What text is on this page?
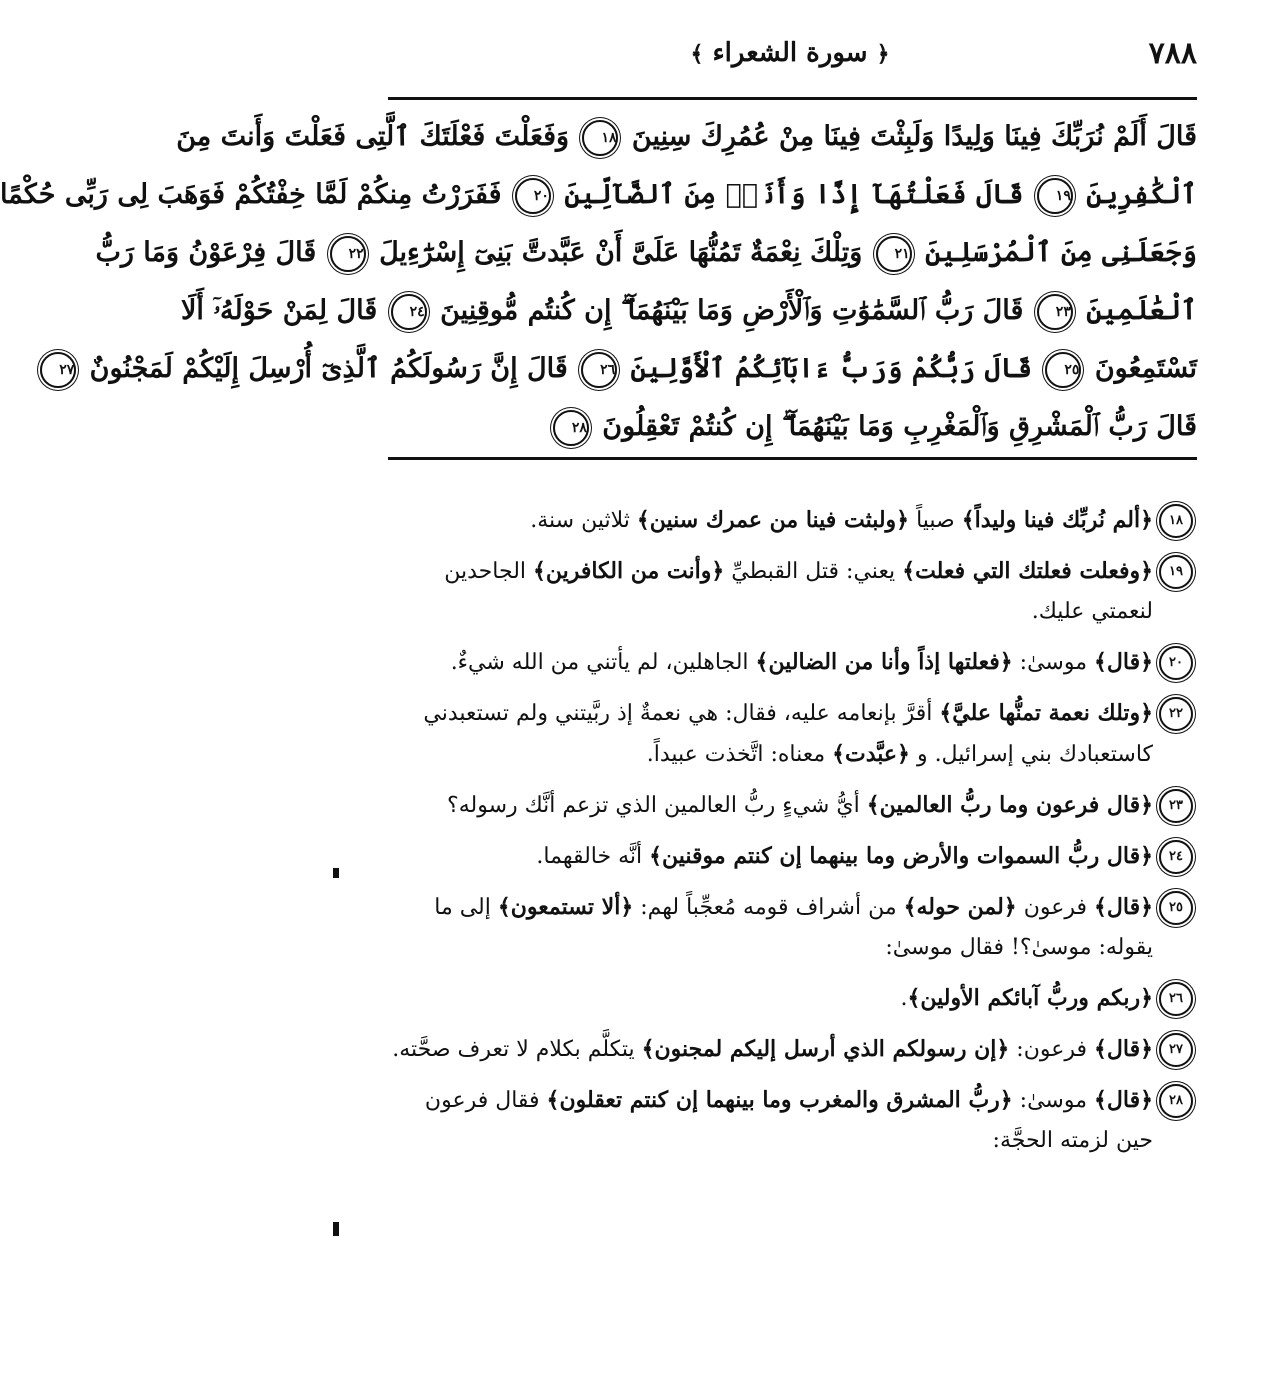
٧٨٨
﴿ سورة الشعراء ﴾
قَالَ أَلَمْ نُرَبِّكَ فِينَا وَلِيدًا وَلَبِثْتَ فِينَا مِنْ عُمُرِكَ سِنِينَ ١٨ وَفَعَلْتَ فَعْلَتَكَ ٱلَّتِى فَعَلْتَ وَأَنتَ مِنَ
ٱلْكَٰفِرِينَ ١٩ قَالَ فَعَلْتُهَآ إِذًا وَأَنَا۠ مِنَ ٱلضَّآلِّينَ ٢٠ فَفَرَرْتُ مِنكُمْ لَمَّا خِفْتُكُمْ فَوَهَبَ لِى رَبِّى حُكْمًا
وَجَعَلَنِى مِنَ ٱلْمُرْسَلِينَ ٢١ وَتِلْكَ نِعْمَةٌ تَمُنُّهَا عَلَىَّ أَنْ عَبَّدتَّ بَنِىٓ إِسْرَٰٓءِيلَ ٢٢ قَالَ فِرْعَوْنُ وَمَا رَبُّ
ٱلْعَٰلَمِينَ ٢٣ قَالَ رَبُّ ٱلسَّمَٰوَٰتِ وَٱلْأَرْضِ وَمَا بَيْنَهُمَآ ۖ إِن كُنتُم مُّوقِنِينَ ٢٤ قَالَ لِمَنْ حَوْلَهُۥٓ أَلَا
تَسْتَمِعُونَ ٢٥ قَالَ رَبُّكُمْ وَرَبُّ ءَابَآئِكُمُ ٱلْأَوَّلِينَ ٢٦ قَالَ إِنَّ رَسُولَكُمُ ٱلَّذِىٓ أُرْسِلَ إِلَيْكُمْ لَمَجْنُونٌ ٢٧
قَالَ رَبُّ ٱلْمَشْرِقِ وَٱلْمَغْرِبِ وَمَا بَيْنَهُمَآ ۖ إِن كُنتُمْ تَعْقِلُونَ ٢٨
١٨
﴿ألم نُربِّك فينا وليداً﴾ صبياً ﴿ولبثت فينا من عمرك سنين﴾ ثلاثين سنة.
١٩
﴿وفعلت فعلتك التي فعلت﴾ يعني: قتل القبطيِّ ﴿وأنت من الكافرين﴾ الجاحدين لنعمتي عليك.
٢٠
﴿قال﴾ موسىٰ: ﴿فعلتها إذاً وأنا من الضالين﴾ الجاهلين، لم يأتني من الله شيءٌ.
٢٢
﴿وتلك نعمة تمنُّها عليَّ﴾ أقرَّ بإنعامه عليه، فقال: هي نعمةٌ إذ ربَّيتني ولم تستعبدني كاستعبادك بني إسرائيل. و ﴿عبَّدت﴾ معناه: اتَّخذت عبيداً.
٢٣
﴿قال فرعون وما ربُّ العالمين﴾ أيُّ شيءٍ ربُّ العالمين الذي تزعم أنَّك رسوله؟
٢٤
﴿قال ربُّ السموات والأرض وما بينهما إن كنتم موقنين﴾ أنَّه خالقهما.
٢٥
﴿قال﴾ فرعون ﴿لمن حوله﴾ من أشراف قومه مُعجِّباً لهم: ﴿ألا تستمعون﴾ إلى ما يقوله: موسىٰ؟! فقال موسىٰ:
٢٦
﴿ربكم وربُّ آبائكم الأولين﴾.
٢٧
﴿قال﴾ فرعون: ﴿إن رسولكم الذي أرسل إليكم لمجنون﴾ يتكلَّم بكلام لا تعرف صحَّته.
٢٨
﴿قال﴾ موسىٰ: ﴿ربُّ المشرق والمغرب وما بينهما إن كنتم تعقلون﴾ فقال فرعون حين لزمته الحجَّة:
